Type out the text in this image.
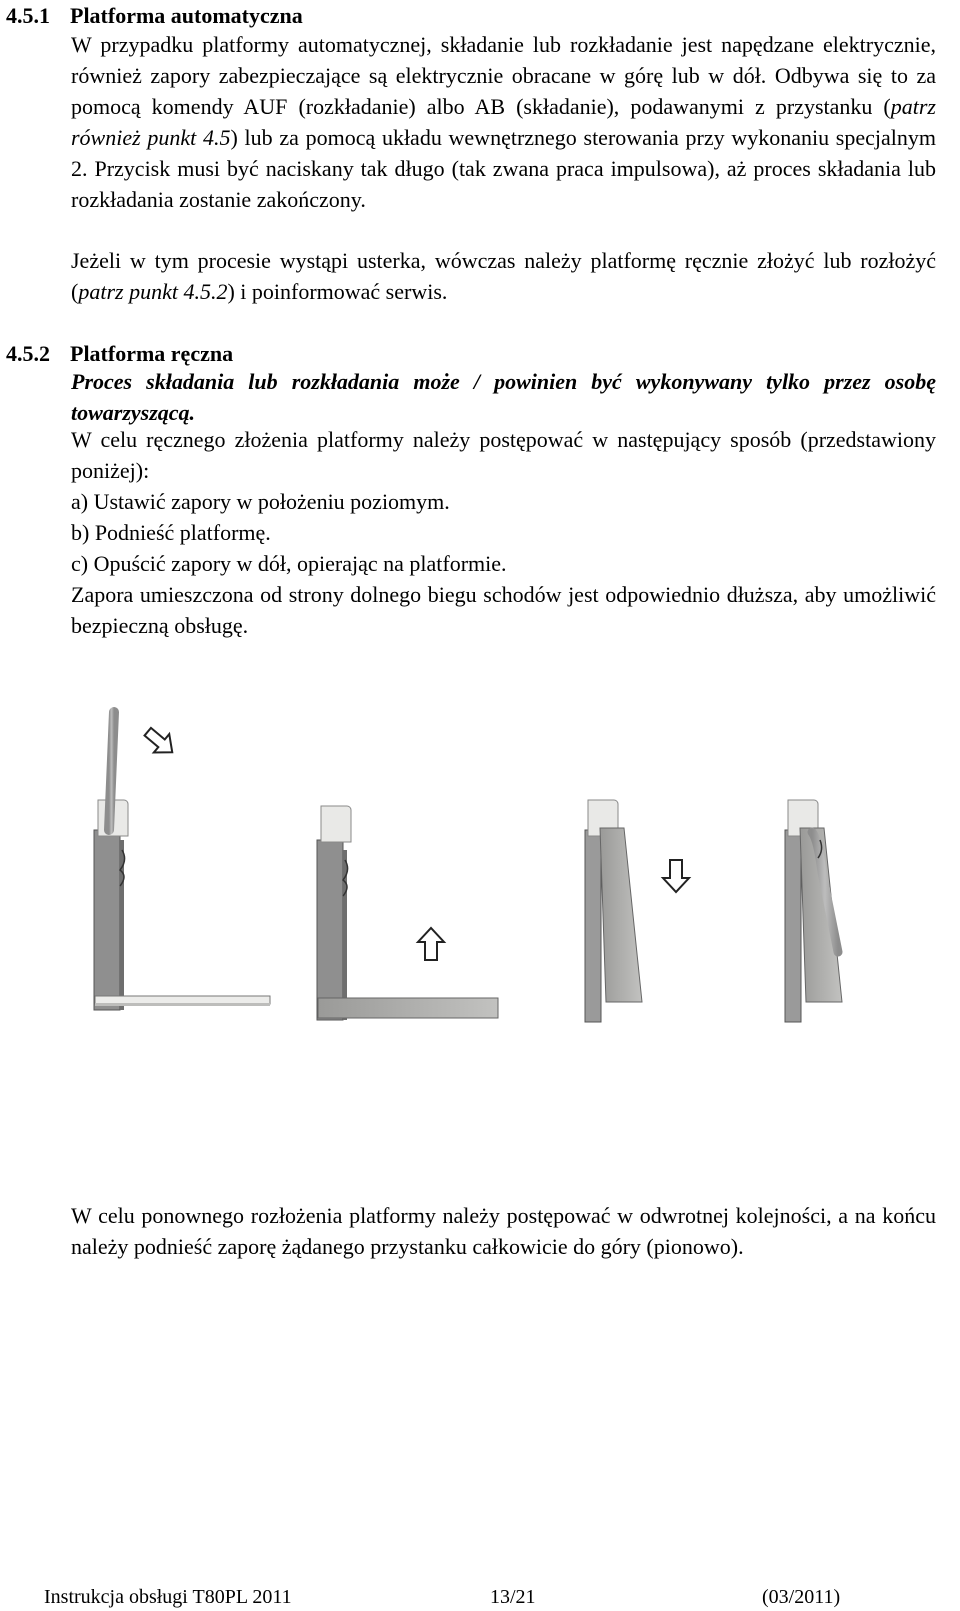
4.5.1 Platforma automatyczna

W przypadku platformy automatycznej, składanie lub rozkładanie jest napędzane elektrycznie, również zapory zabezpieczające są elektrycznie obracane w górę lub w dół. Odbywa się to za pomocą komendy AUF (rozkładanie) albo AB (składanie), podawanymi z przystanku (patrz również punkt 4.5) lub za pomocą układu wewnętrznego sterowania przy wykonaniu specjalnym 2. Przycisk musi być naciskany tak długo (tak zwana praca impulsowa), aż proces składania lub rozkładania zostanie zakończony.

Jeżeli w tym procesie wystąpi usterka, wówczas należy platformę ręcznie złożyć lub rozłożyć (patrz punkt 4.5.2) i poinformować serwis.

4.5.2 Platforma ręczna

Proces składania lub rozkładania może / powinien być wykonywany tylko przez osobę towarzyszącą.

W celu ręcznego złożenia platformy należy postępować w następujący sposób (przedstawiony poniżej):

a) Ustawić zapory w położeniu poziomym.

b) Podnieść platformę.

c) Opuścić zapory w dół, opierając na platformie.

Zapora umieszczona od strony dolnego biegu schodów jest odpowiednio dłuższa, aby umożliwić bezpieczną obsługę.

W celu ponownego rozłożenia platformy należy postępować w odwrotnej kolejności, a na końcu należy podnieść zaporę żądanego przystanku całkowicie do góry (pionowo).

Instrukcja obsługi T80PL 2011	13/21	(03/2011)
